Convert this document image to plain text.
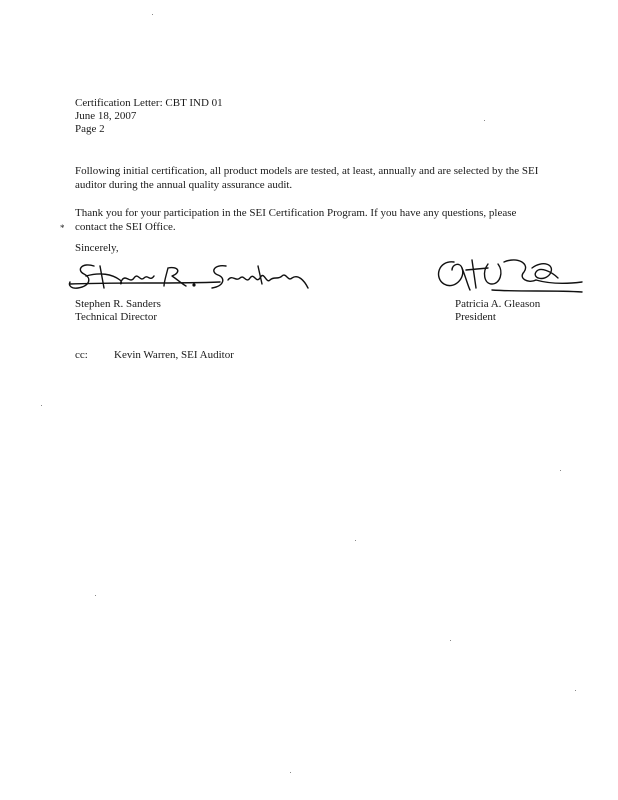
Certification Letter: CBT IND 01
June 18, 2007
Page 2
Following initial certification, all product models are tested, at least, annually and are selected by the SEI
auditor during the annual quality assurance audit.
*
Thank you for your participation in the SEI Certification Program. If you have any questions, please
contact the SEI Office.
Sincerely,
Stephen R. Sanders
Stephen R. Sanders
Technical Director
Patricia A. Gleason
President
cc: Kevin Warren, SEI Auditor
